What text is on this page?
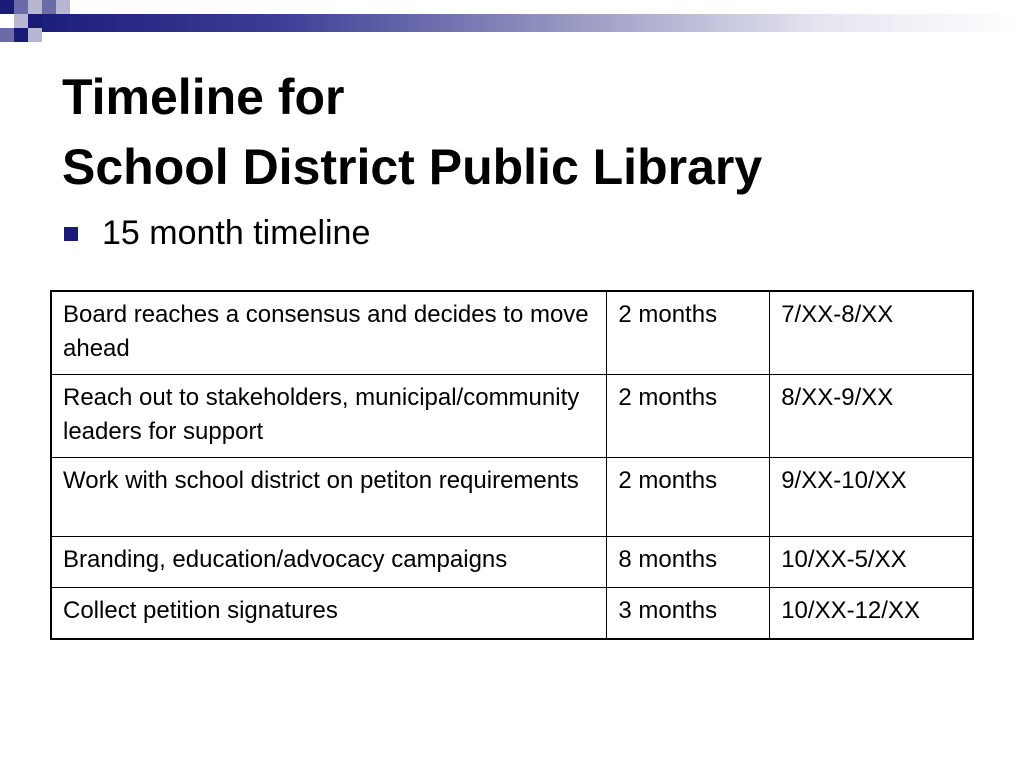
Timeline for
School District Public Library
15 month timeline
Board reaches a consensus and decides to move ahead	2 months	7/XX-8/XX
Reach out to stakeholders, municipal/community leaders for support	2 months	8/XX-9/XX
Work with school district on petiton requirements	2 months	9/XX-10/XX
Branding, education/advocacy campaigns	8 months	10/XX-5/XX
Collect petition signatures	3 months	10/XX-12/XX
